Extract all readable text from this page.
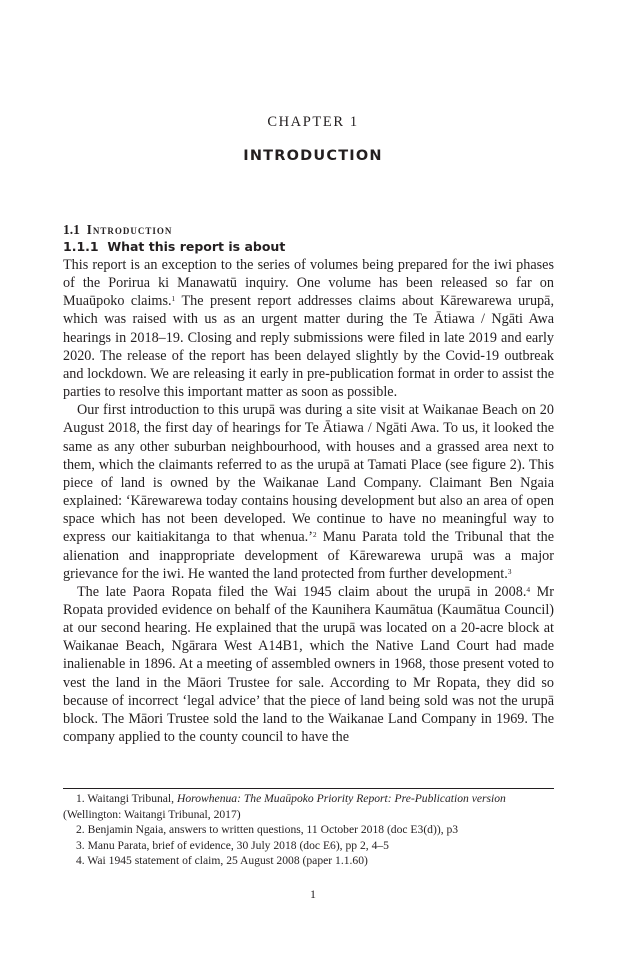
CHAPTER 1
INTRODUCTION
1.1 Introduction
1.1.1 What this report is about

This report is an exception to the series of volumes being prepared for the iwi phases of the Porirua ki Manawatū inquiry. One volume has been released so far on Muaūpoko claims.$^1$ The present report addresses claims about Kārewarewa urupā, which was raised with us as an urgent matter during the Te Ātiawa / Ngāti Awa hearings in 2018–19. Closing and reply submissions were filed in late 2019 and early 2020. The release of the report has been delayed slightly by the Covid-19 outbreak and lockdown. We are releasing it early in pre-publication format in order to assist the parties to resolve this important matter as soon as possible.

Our first introduction to this urupā was during a site visit at Waikanae Beach on 20 August 2018, the first day of hearings for Te Ātiawa / Ngāti Awa. To us, it looked the same as any other suburban neighbourhood, with houses and a grassed area next to them, which the claimants referred to as the urupā at Tamati Place (see figure 2). This piece of land is owned by the Waikanae Land Company. Claimant Ben Ngaia explained: ‘Kārewarewa today contains housing development but also an area of open space which has not been developed. We continue to have no meaningful way to express our kaitiakitanga to that whenua.’$^2$ Manu Parata told the Tribunal that the alienation and inappropriate development of Kārewarewa urupā was a major grievance for the iwi. He wanted the land protected from further development.$^3$

The late Paora Ropata filed the Wai 1945 claim about the urupā in 2008.$^4$ Mr Ropata provided evidence on behalf of the Kaunihera Kaumātua (Kaumātua Council) at our second hearing. He explained that the urupā was located on a 20-acre block at Waikanae Beach, Ngārara West A14B1, which the Native Land Court had made inalienable in 1896. At a meeting of assembled owners in 1968, those present voted to vest the land in the Māori Trustee for sale. According to Mr Ropata, they did so because of incorrect ‘legal advice’ that the piece of land being sold was not the urupā block. The Māori Trustee sold the land to the Waikanae Land Company in 1969. The company applied to the county council to have the

1. Waitangi Tribunal, Horowhenua: The Muaūpoko Priority Report: Pre-Publication version (Wellington: Waitangi Tribunal, 2017)

2. Benjamin Ngaia, answers to written questions, 11 October 2018 (doc E3(d)), p3

3. Manu Parata, brief of evidence, 30 July 2018 (doc E6), pp 2, 4–5

4. Wai 1945 statement of claim, 25 August 2008 (paper 1.1.60)

1
